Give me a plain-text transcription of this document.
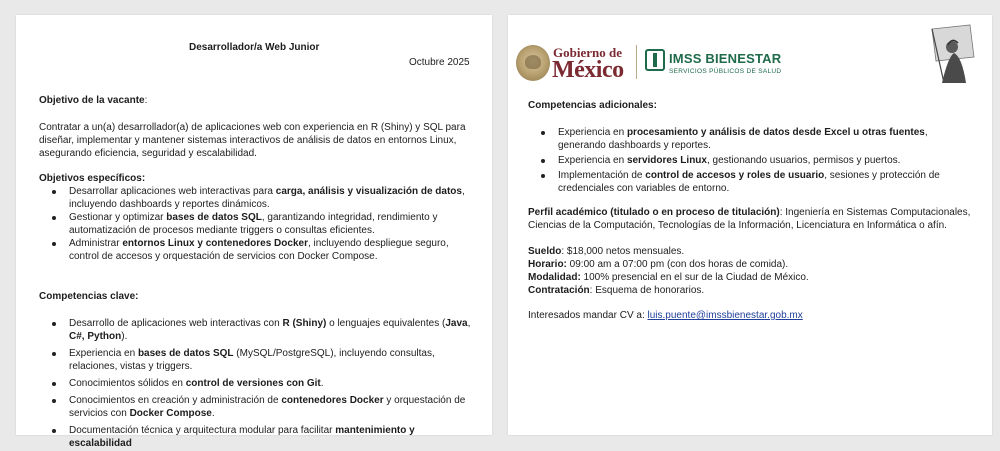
Desarrollador/a Web Junior
Octubre 2025
Objetivo de la vacante:
Contratar a un(a) desarrollador(a) de aplicaciones web con experiencia en R (Shiny) y SQL para
diseñar, implementar y mantener sistemas interactivos de análisis de datos en entornos Linux,
asegurando eficiencia, seguridad y escalabilidad.
Objetivos específicos:
Desarrollar aplicaciones web interactivas para carga, análisis y visualización de datos,
incluyendo dashboards y reportes dinámicos.
Gestionar y optimizar bases de datos SQL, garantizando integridad, rendimiento y
automatización de procesos mediante triggers o consultas eficientes.
Administrar entornos Linux y contenedores Docker, incluyendo despliegue seguro,
control de accesos y orquestación de servicios con Docker Compose.
Competencias clave:
Desarrollo de aplicaciones web interactivas con R (Shiny) o lenguajes equivalentes (Java,
C#, Python).
Experiencia en bases de datos SQL (MySQL/PostgreSQL), incluyendo consultas,
relaciones, vistas y triggers.
Conocimientos sólidos en control de versiones con Git.
Conocimientos en creación y administración de contenedores Docker y orquestación de
servicios con Docker Compose.
Documentación técnica y arquitectura modular para facilitar mantenimiento y
escalabilidad
Gobierno de
México	IMSS BIENESTAR
SERVICIOS PÚBLICOS DE SALUD
Competencias adicionales:
Experiencia en procesamiento y análisis de datos desde Excel u otras fuentes,
generando dashboards y reportes.
Experiencia en servidores Linux, gestionando usuarios, permisos y puertos.
Implementación de control de accesos y roles de usuario, sesiones y protección de
credenciales con variables de entorno.
Perfil académico (titulado o en proceso de titulación): Ingeniería en Sistemas Computacionales,
Ciencias de la Computación, Tecnologías de la Información, Licenciatura en Informática o afín.
Sueldo: $18,000 netos mensuales.
Horario: 09:00 am a 07:00 pm (con dos horas de comida).
Modalidad: 100% presencial en el sur de la Ciudad de México.
Contratación: Esquema de honorarios.
Interesados mandar CV a: luis.puente@imssbienestar.gob.mx
